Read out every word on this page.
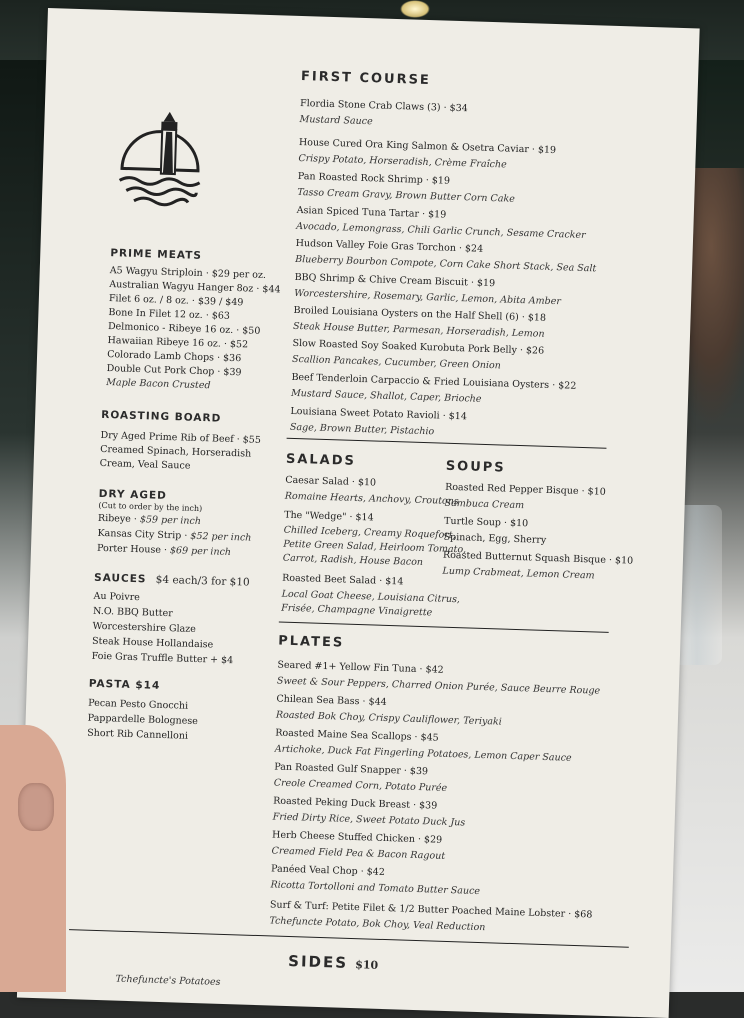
FIRST COURSE
Flordia Stone Crab Claws (3) · $34
Mustard Sauce
House Cured Ora King Salmon & Osetra Caviar · $19
Crispy Potato, Horseradish, Crème Fraîche
Pan Roasted Rock Shrimp · $19
Tasso Cream Gravy, Brown Butter Corn Cake
Asian Spiced Tuna Tartar · $19
Avocado, Lemongrass, Chili Garlic Crunch, Sesame Cracker
Hudson Valley Foie Gras Torchon · $24
Blueberry Bourbon Compote, Corn Cake Short Stack, Sea Salt
BBQ Shrimp & Chive Cream Biscuit · $19
Worcestershire, Rosemary, Garlic, Lemon, Abita Amber
Broiled Louisiana Oysters on the Half Shell (6) · $18
Steak House Butter, Parmesan, Horseradish, Lemon
Slow Roasted Soy Soaked Kurobuta Pork Belly · $26
Scallion Pancakes, Cucumber, Green Onion
Beef Tenderloin Carpaccio & Fried Louisiana Oysters · $22
Mustard Sauce, Shallot, Caper, Brioche
Louisiana Sweet Potato Ravioli · $14
Sage, Brown Butter, Pistachio
PRIME MEATS
A5 Wagyu Striploin · $29 per oz.
Australian Wagyu Hanger 8oz · $44
Filet 6 oz. / 8 oz. · $39 / $49
Bone In Filet 12 oz. · $63
Delmonico - Ribeye 16 oz. · $50
Hawaiian Ribeye 16 oz. · $52
Colorado Lamb Chops · $36
Double Cut Pork Chop · $39
Maple Bacon Crusted
ROASTING BOARD
Dry Aged Prime Rib of Beef · $55
Creamed Spinach, Horseradish
Cream, Veal Sauce
DRY AGED
(Cut to order by the inch)
Ribeye · $59 per inch
Kansas City Strip · $52 per inch
Porter House · $69 per inch
SAUCES $4 each/3 for $10
Au Poivre
N.O. BBQ Butter
Worcestershire Glaze
Steak House Hollandaise
Foie Gras Truffle Butter + $4
PASTA $14
Pecan Pesto Gnocchi
Pappardelle Bolognese
Short Rib Cannelloni
SALADS
Caesar Salad · $10
Romaine Hearts, Anchovy, Croutons
The "Wedge" · $14
Chilled Iceberg, Creamy Roquefort,
Petite Green Salad, Heirloom Tomato,
Carrot, Radish, House Bacon
Roasted Beet Salad · $14
Local Goat Cheese, Louisiana Citrus,
Frisée, Champagne Vinaigrette
SOUPS
Roasted Red Pepper Bisque · $10
Sambuca Cream
Turtle Soup · $10
Spinach, Egg, Sherry
Roasted Butternut Squash Bisque · $10
Lump Crabmeat, Lemon Cream
PLATES
Seared #1+ Yellow Fin Tuna · $42
Sweet & Sour Peppers, Charred Onion Purée, Sauce Beurre Rouge
Chilean Sea Bass · $44
Roasted Bok Choy, Crispy Cauliflower, Teriyaki
Roasted Maine Sea Scallops · $45
Artichoke, Duck Fat Fingerling Potatoes, Lemon Caper Sauce
Pan Roasted Gulf Snapper · $39
Creole Creamed Corn, Potato Purée
Roasted Peking Duck Breast · $39
Fried Dirty Rice, Sweet Potato Duck Jus
Herb Cheese Stuffed Chicken · $29
Creamed Field Pea & Bacon Ragout
Panéed Veal Chop · $42
Ricotta Tortolloni and Tomato Butter Sauce
Surf & Turf: Petite Filet & 1/2 Butter Poached Maine Lobster · $68
Tchefuncte Potato, Bok Choy, Veal Reduction
SIDES $10
Tchefuncte's Potatoes
